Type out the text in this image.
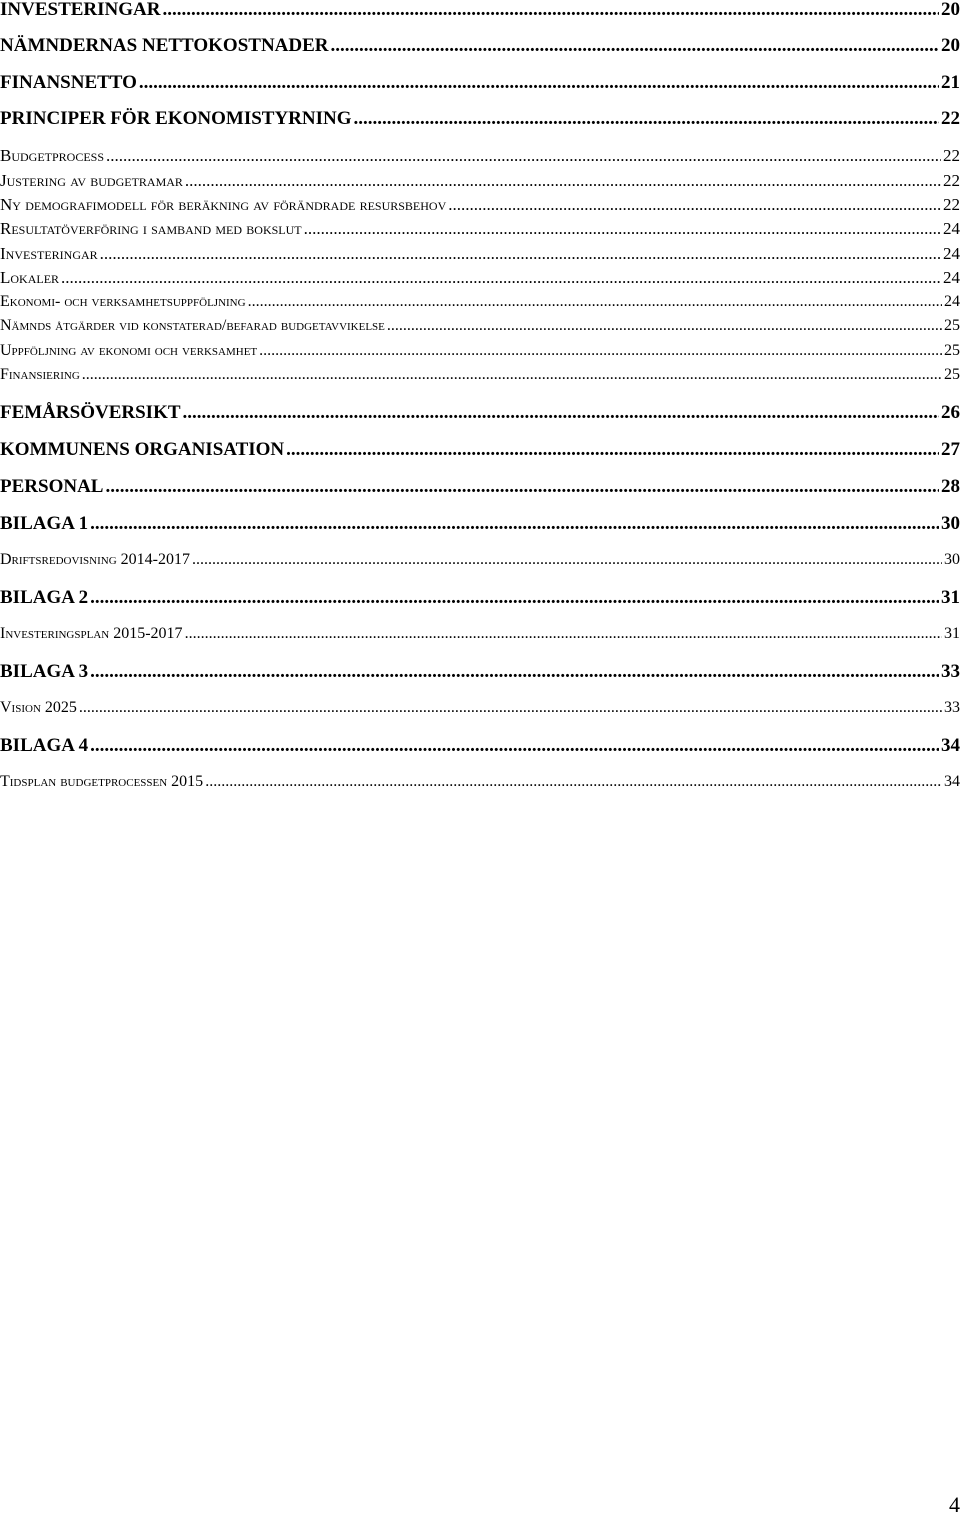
INVESTERINGAR .....	20
NÄMNDERNAS NETTOKOSTNADER .....	20
FINANSNETTO .....	21
PRINCIPER FÖR EKONOMISTYRNING .....	22
Budgetprocess .....	22
Justering av budgetramar .....	22
Ny demografimodell för beräkning av förändrade resursbehov .....	22
Resultatöverföring i samband med bokslut .....	24
Investeringar .....	24
Lokaler .....	24
Ekonomi- och verksamhetsuppföljning .....	24
Nämnds åtgärder vid konstaterad/befarad budgetavvikelse .....	25
Uppföljning av ekonomi och verksamhet .....	25
Finansiering .....	25
FEMÅRSÖVERSIKT .....	26
KOMMUNENS ORGANISATION .....	27
PERSONAL .....	28
BILAGA 1 .....	30
Driftsredovisning 2014-2017 .....	30
BILAGA 2 .....	31
Investeringsplan 2015-2017 .....	31
BILAGA 3 .....	33
Vision 2025 .....	33
BILAGA 4 .....	34
Tidsplan budgetprocessen 2015 .....	34
4
